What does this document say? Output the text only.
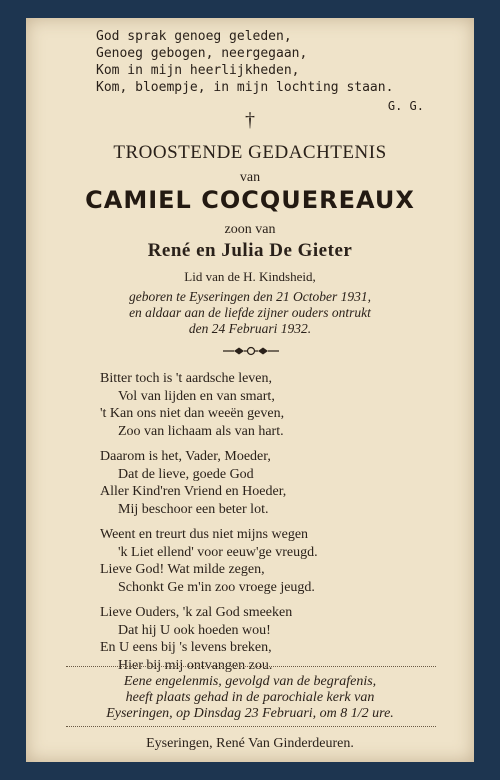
God sprak genoeg geleden,
Genoeg gebogen, neergegaan,
Kom in mijn heerlijkheden,
Kom, bloempje, in mijn lochting staan.
G. G.
†
TROOSTENDE GEDACHTENIS
van
CAMIEL COCQUEREAUX
zoon van
René en Julia De Gieter
Lid van de H. Kindsheid,
geboren te Eyseringen den 21 October 1931,
en aldaar aan de liefde zijner ouders ontrukt
den 24 Februari 1932.
Bitter toch is 't aardsche leven,
Vol van lijden en van smart,
't Kan ons niet dan weeën geven,
Zoo van lichaam als van hart.
Daarom is het, Vader, Moeder,
Dat de lieve, goede God
Aller Kind'ren Vriend en Hoeder,
Mij beschoor een beter lot.
Weent en treurt dus niet mijns wegen
'k Liet ellend' voor eeuw'ge vreugd.
Lieve God! Wat milde zegen,
Schonkt Ge m'in zoo vroege jeugd.
Lieve Ouders, 'k zal God smeeken
Dat hij U ook hoeden wou!
En U eens bij 's levens breken,
Hier bij mij ontvangen zou.
Eene engelenmis, gevolgd van de begrafenis,
heeft plaats gehad in de parochiale kerk van
Eyseringen, op Dinsdag 23 Februari, om 8 1/2 ure.
Eyseringen, René Van Ginderdeuren.
